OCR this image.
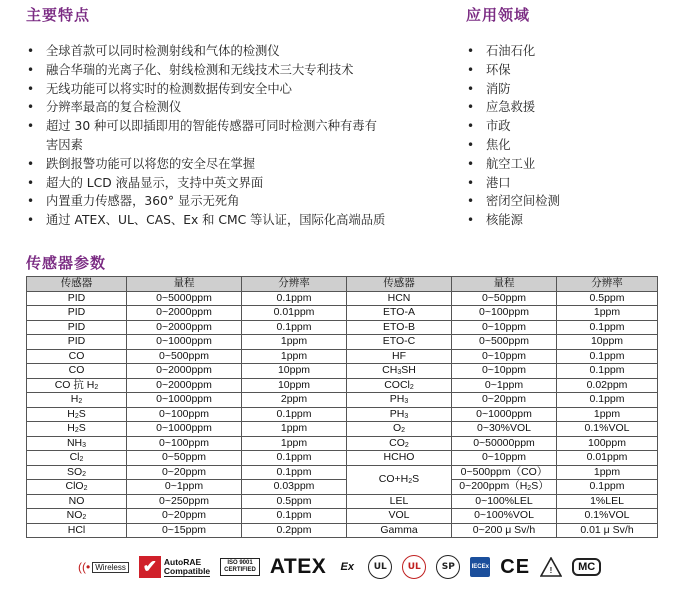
主要特点	应用领域
• 全球首款可以同时检测射线和气体的检测仪
• 融合华瑞的光离子化、射线检测和无线技术三大专利技术
• 无线功能可以将实时的检测数据传到安全中心
• 分辨率最高的复合检测仪
• 超过 30 种可以即插即用的智能传感器可同时检测六种有毒有
害因素
• 跌倒报警功能可以将您的安全尽在掌握
• 超大的 LCD 液晶显示，支持中英文界面
• 内置重力传感器，360° 显示无死角
• 通过 ATEX、UL、CAS、Ex 和 CMC 等认证，国际化高端品质
• 石油石化
• 环保
• 消防
• 应急救援
• 市政
• 焦化
• 航空工业
• 港口
• 密闭空间检测
• 核能源
传感器参数
传感器	量程	分辨率	传感器	量程	分辨率
PID	0~5000ppm	0.1ppm	HCN	0~50ppm	0.5ppm
PID	0~2000ppm	0.01ppm	ETO-A	0~100ppm	1ppm
PID	0~2000ppm	0.1ppm	ETO-B	0~10ppm	0.1ppm
PID	0~1000ppm	1ppm	ETO-C	0~500ppm	10ppm
CO	0~500ppm	1ppm	HF	0~10ppm	0.1ppm
CO	0~2000ppm	10ppm	$CH_3SH$	0~10ppm	0.1ppm
CO 抗 $H_2$	0~2000ppm	10ppm	COCl$_2$	0~1ppm	0.02ppm
$H_2$	0~1000ppm	2ppm	$PH_3$	0~20ppm	0.1ppm
$H_2S$	0~100ppm	0.1ppm	$PH_3$	0~1000ppm	1ppm
$H_2S$	0~1000ppm	1ppm	$O_2$	0~30%VOL	0.1%VOL
$NH_3$	0~100ppm	1ppm	$CO_2$	0~50000ppm	100ppm
$Cl_2$	0~50ppm	0.1ppm	HCHO	0~10ppm	0.01ppm
$SO_2$	0~20ppm	0.1ppm	$CO+H_2S$	0~500ppm（CO）	1ppm
ClO$_2$	0~1ppm	0.03ppm		$0\sim 200ppm(H_2S)$	0.1ppm
NO	0~250ppm	0.5ppm	LEL	0~100%LEL	1%LEL
$NO_2$	0~20ppm	0.1ppm	VOL	0~100%VOL	0.1%VOL
HCl	0~15ppm	0.2ppm	Gamma	0~200 μ Sv/h	0.01 μ Sv/h
((• Wireless ✔ AutoRAE
Compatible
ISO 9001
CERTIFIED ATEX	Ex	UL	UL	SP	IECEx CE !	MC
